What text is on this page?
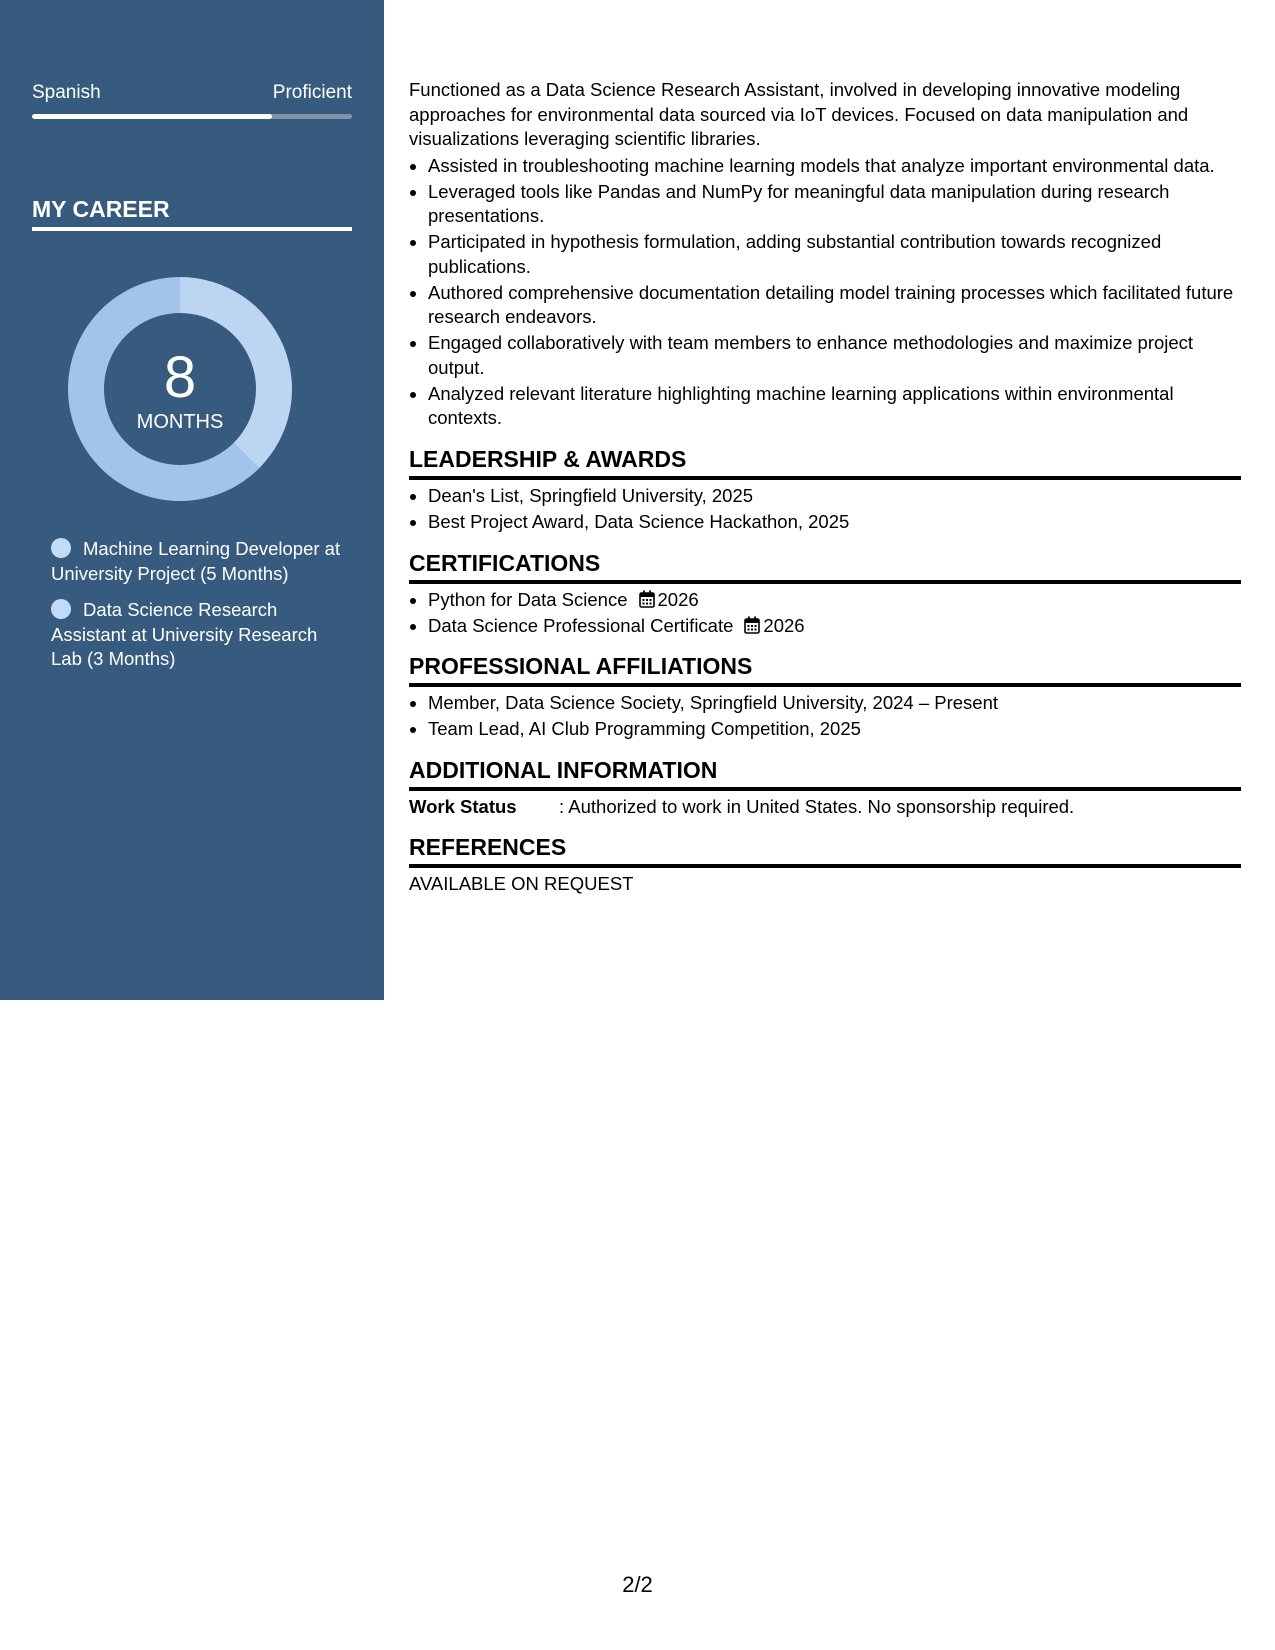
Spanish	Proficient
MY CAREER
8
MONTHS
Machine Learning Developer at University Project (5 Months)
Data Science Research Assistant at University Research Lab (3 Months)

Functioned as a Data Science Research Assistant, involved in developing innovative modeling approaches for environmental data sourced via IoT devices. Focused on data manipulation and visualizations leveraging scientific libraries.

• Assisted in troubleshooting machine learning models that analyze important environmental data.
• Leveraged tools like Pandas and NumPy for meaningful data manipulation during research presentations.
• Participated in hypothesis formulation, adding substantial contribution towards recognized publications.
• Authored comprehensive documentation detailing model training processes which facilitated future research endeavors.
• Engaged collaboratively with team members to enhance methodologies and maximize project output.
• Analyzed relevant literature highlighting machine learning applications within environmental contexts.
LEADERSHIP & AWARDS
• Dean's List, Springfield University, 2025
• Best Project Award, Data Science Hackathon, 2025
CERTIFICATIONS
• Python for Data Science 2026
• Data Science Professional Certificate 2026
PROFESSIONAL AFFILIATIONS
• Member, Data Science Society, Springfield University, 2024 – Present
• Team Lead, AI Club Programming Competition, 2025
ADDITIONAL INFORMATION
Work Status	: Authorized to work in United States. No sponsorship required.
REFERENCES
AVAILABLE ON REQUEST
2/2
